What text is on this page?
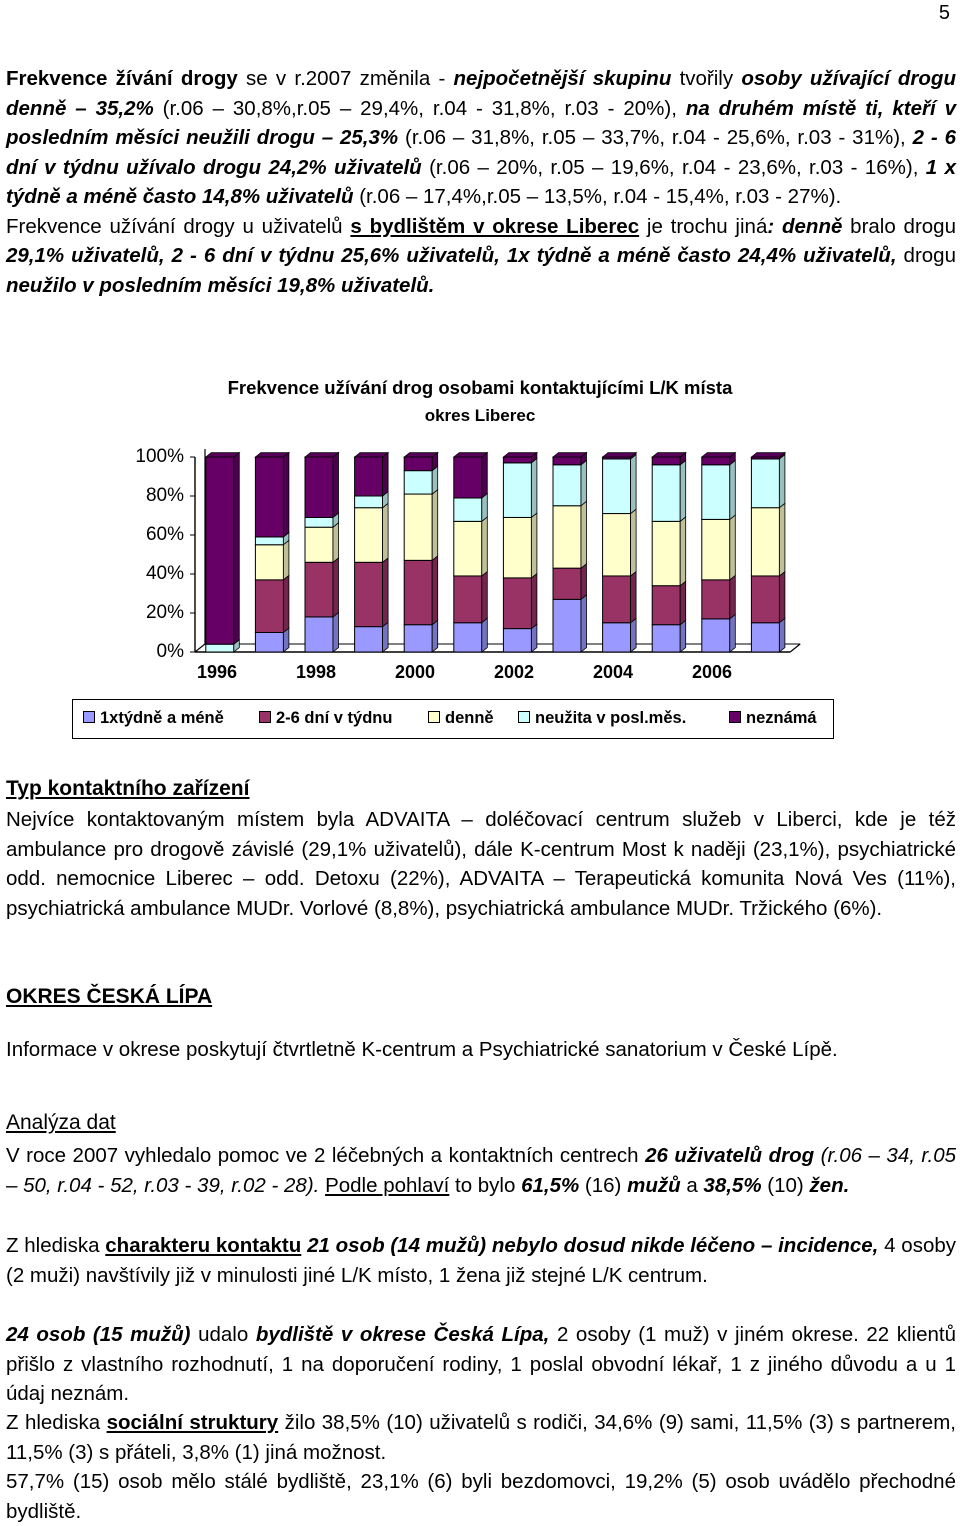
5

Frekvence žívání drogy se v r.2007 změnila - nejpočetnější skupinu tvořily osoby užívající drogu denně – 35,2% (r.06 – 30,8%,r.05 – 29,4%, r.04 - 31,8%, r.03 - 20%), na druhém místě ti, kteří v posledním měsíci neužili drogu – 25,3% (r.06 – 31,8%, r.05 – 33,7%, r.04 - 25,6%, r.03 - 31%), 2 - 6 dní v týdnu užívalo drogu 24,2% uživatelů (r.06 – 20%, r.05 – 19,6%, r.04 - 23,6%, r.03 - 16%), 1 x týdně a méně často 14,8% uživatelů (r.06 – 17,4%,r.05 – 13,5%, r.04 - 15,4%, r.03 - 27%).
Frekvence užívání drogy u uživatelů s bydlištěm v okrese Liberec je trochu jiná: denně bralo drogu 29,1% uživatelů, 2 - 6 dní v týdnu 25,6% uživatelů, 1x týdně a méně často 24,4% uživatelů, drogu neužilo v posledním měsíci 19,8% uživatelů.

Frekvence užívání drog osobami kontaktujícími L/K místa
okres Liberec
100%
80%
60%
40%
20%
0%
1996	1998	2000	2002	2004	2006
1xtýdně a méně	2-6 dní v týdnu	denně	neužita v posl.měs.	neznámá
Typ kontaktního zařízení

Nejvíce kontaktovaným místem byla ADVAITA – doléčovací centrum služeb v Liberci, kde je též ambulance pro drogově závislé (29,1% uživatelů), dále K-centrum Most k naději (23,1%), psychiatrické odd. nemocnice Liberec – odd. Detoxu (22%), ADVAITA – Terapeutická komunita Nová Ves (11%), psychiatrická ambulance MUDr. Vorlové (8,8%), psychiatrická ambulance MUDr. Tržického (6%).

OKRES ČESKÁ LÍPA

Informace v okrese poskytují čtvrtletně K-centrum a Psychiatrické sanatorium v České Lípě.

Analýza dat

V roce 2007 vyhledalo pomoc ve 2 léčebných a kontaktních centrech 26 uživatelů drog (r.06 – 34, r.05 – 50, r.04 - 52, r.03 - 39, r.02 - 28). Podle pohlaví to bylo 61,5% (16) mužů a 38,5% (10) žen.

Z hlediska charakteru kontaktu 21 osob (14 mužů) nebylo dosud nikde léčeno – incidence, 4 osoby (2 muži) navštívily již v minulosti jiné L/K místo, 1 žena již stejné L/K centrum.

24 osob (15 mužů) udalo bydliště v okrese Česká Lípa, 2 osoby (1 muž) v jiném okrese. 22 klientů přišlo z vlastního rozhodnutí, 1 na doporučení rodiny, 1 poslal obvodní lékař, 1 z jiného důvodu a u 1 údaj neznám.

Z hlediska sociální struktury žilo 38,5% (10) uživatelů s rodiči, 34,6% (9) sami, 11,5% (3) s partnerem, 11,5% (3) s přáteli, 3,8% (1) jiná možnost.

57,7% (15) osob mělo stálé bydliště, 23,1% (6) byli bezdomovci, 19,2% (5) osob uvádělo přechodné bydliště.
